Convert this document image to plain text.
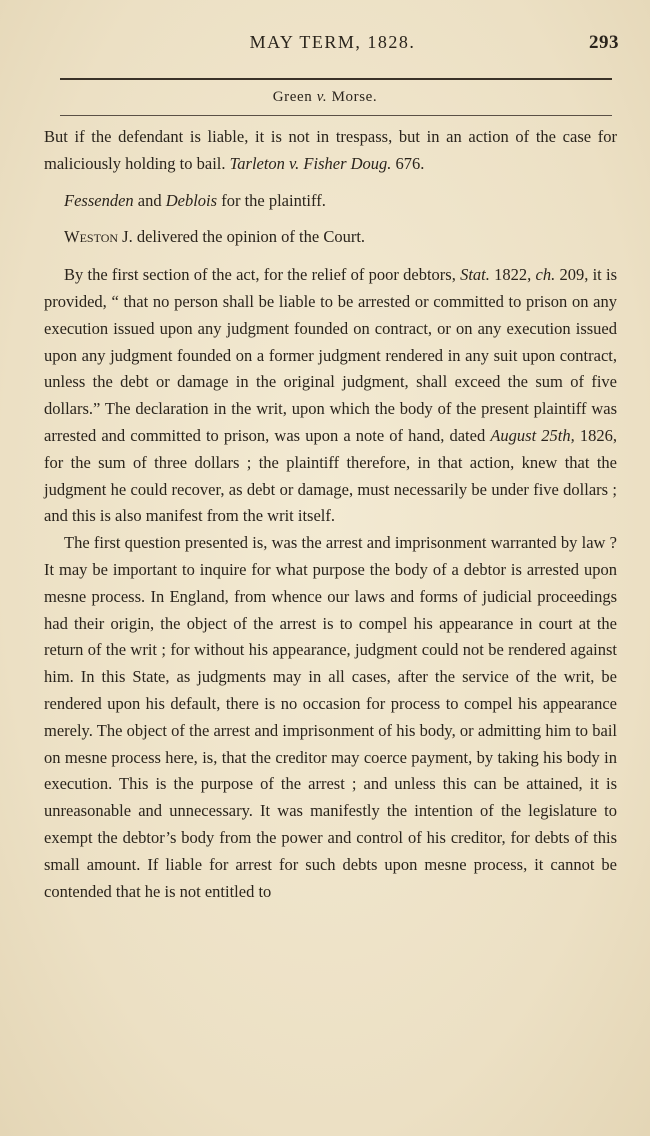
MAY TERM, 1828.	293
Green v. Morse.

But if the defendant is liable, it is not in trespass, but in an action of the case for maliciously holding to bail. Tarleton v. Fisher Doug. 676.

Fessenden and Deblois for the plaintiff.

Weston J. delivered the opinion of the Court.

By the first section of the act, for the relief of poor debtors, Stat. 1822, ch. 209, it is provided, “ that no person shall be liable to be arrested or committed to prison on any execution issued upon any judgment founded on contract, or on any execution issued upon any judgment founded on a former judgment rendered in any suit upon contract, unless the debt or damage in the original judgment, shall exceed the sum of five dollars.” The declaration in the writ, upon which the body of the present plaintiff was arrested and committed to prison, was upon a note of hand, dated August 25th, 1826, for the sum of three dollars ; the plaintiff therefore, in that action, knew that the judgment he could recover, as debt or damage, must necessarily be under five dollars ; and this is also manifest from the writ itself.

The first question presented is, was the arrest and imprisonment warranted by law ? It may be important to inquire for what purpose the body of a debtor is arrested upon mesne process. In England, from whence our laws and forms of judicial proceedings had their origin, the object of the arrest is to compel his appearance in court at the return of the writ ; for without his appearance, judgment could not be rendered against him. In this State, as judgments may in all cases, after the service of the writ, be rendered upon his default, there is no occasion for process to compel his appearance merely. The object of the arrest and imprisonment of his body, or admitting him to bail on mesne process here, is, that the creditor may coerce payment, by taking his body in execution. This is the purpose of the arrest ; and unless this can be attained, it is unreasonable and unnecessary. It was manifestly the intention of the legislature to exempt the debtor’s body from the power and control of his creditor, for debts of this small amount. If liable for arrest for such debts upon mesne process, it cannot be contended that he is not entitled to
